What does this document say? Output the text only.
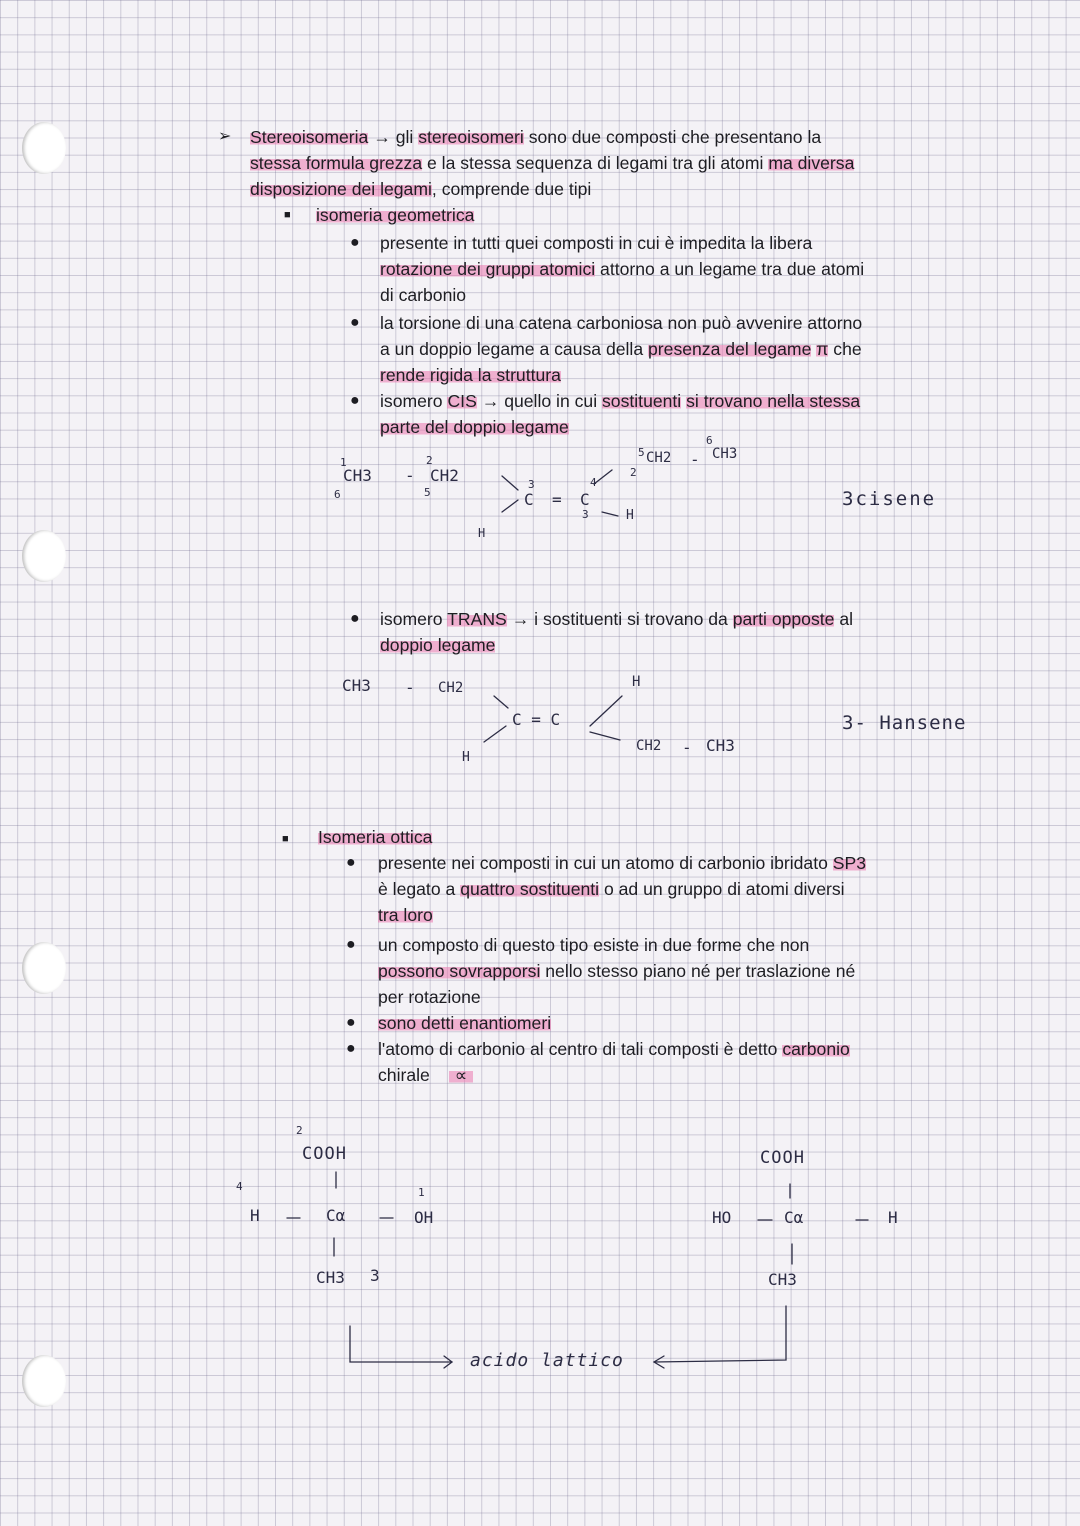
➢ Stereoisomeria → gli stereoisomeri sono due composti che presentano la

stessa formula grezza e la stessa sequenza di legami tra gli atomi ma diversa

disposizione dei legami, comprende due tipi

■ isomeria geometrica

● presente in tutti quei composti in cui è impedita la libera

rotazione dei gruppi atomici attorno a un legame tra due atomi

di carbonio

● la torsione di una catena carboniosa non può avvenire attorno

a un doppio legame a causa della presenza del legame π che

rende rigida la struttura

● isomero CIS → quello in cui sostituenti si trovano nella stessa

parte del doppio legame

1
6
CH3 -
2
5
CH2	3
C =
4
C
3
H
H
5 CH2 -
6
CH3
2
3cisene
● isomero TRANS → i sostituenti si trovano da parti opposte al

doppio legame

CH3 - CH2	H
C = C
H
CH2 - CH3
3- Hansene
■ Isomeria ottica

● presente nei composti in cui un atomo di carbonio ibridato SP3

è legato a quattro sostituenti o ad un gruppo di atomi diversi

tra loro

● un composto di questo tipo esiste in due forme che non

possono sovrapporsi nello stesso piano né per traslazione né

per rotazione

● sono detti enantiomeri

● l'atomo di carbonio al centro di tali composti è detto carbonio

chirale ∝

2
COOH
4
H	Cα
1
OH
CH3 3
COOH
HO	Cα	H
CH3
acido lattico
